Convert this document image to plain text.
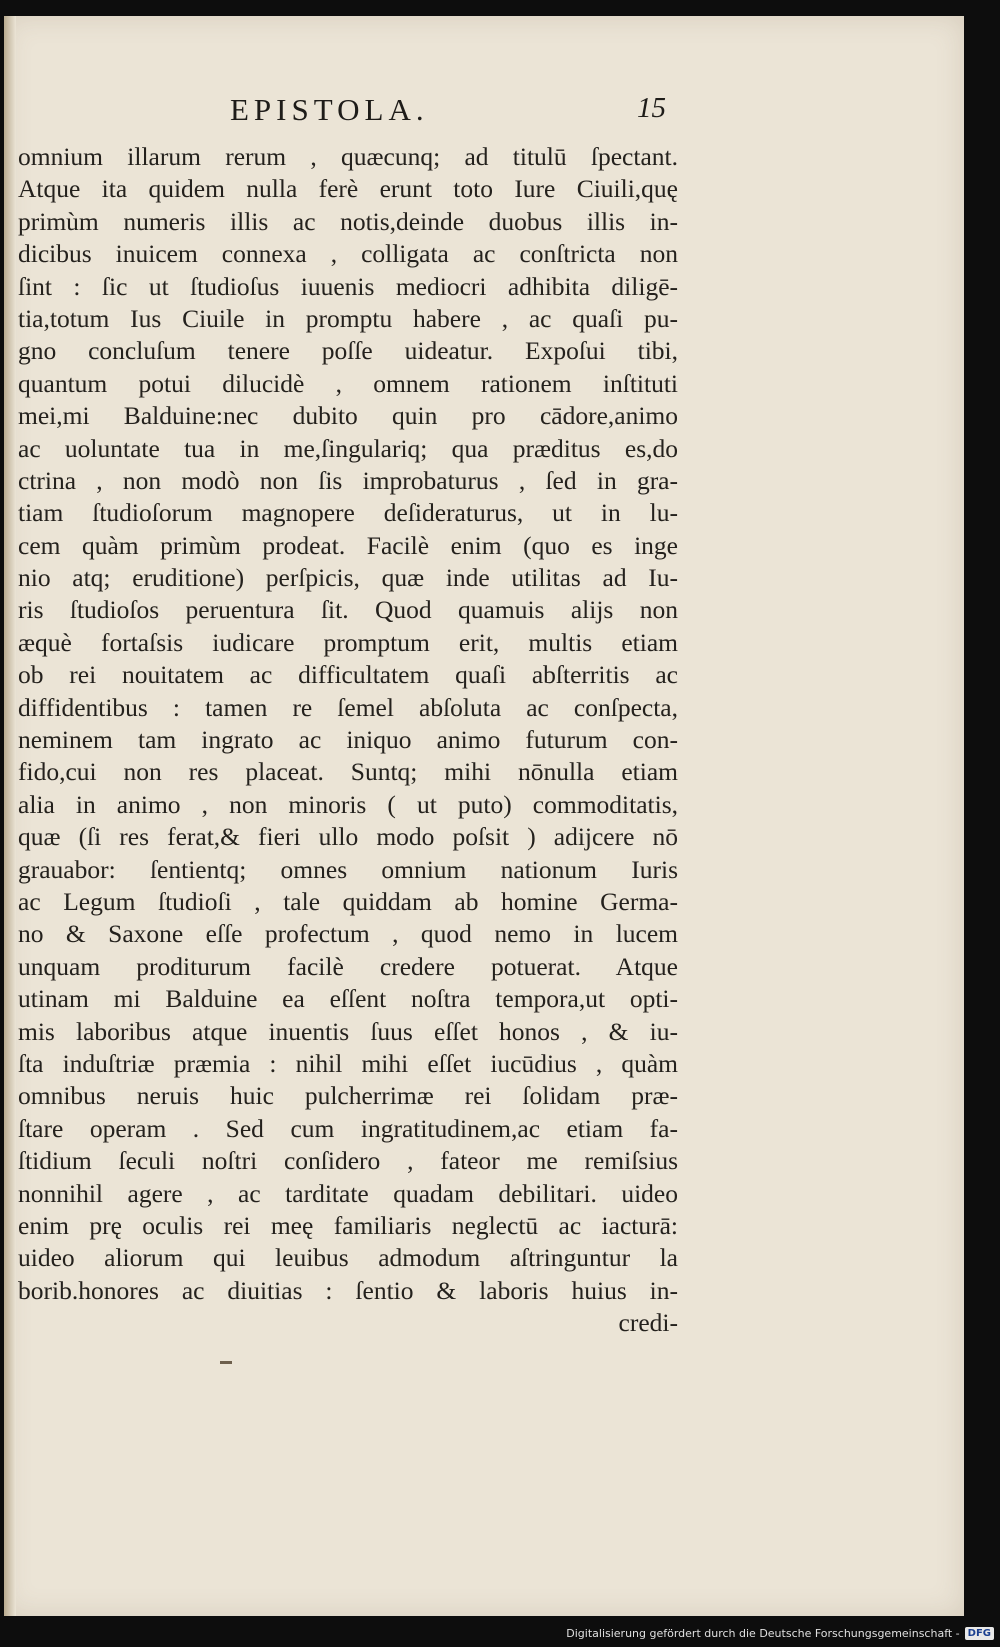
EPISTOLA.	15
omnium illarum rerum , quæcunq; ad titulū ſpectant.
Atque ita quidem nulla ferè erunt toto Iure Ciuili,quę
primùm numeris illis ac notis,deinde duobus illis in-
dicibus inuicem connexa , colligata ac conſtricta non
ſint : ſic ut ſtudioſus iuuenis mediocri adhibita diligē-
tia,totum Ius Ciuile in promptu habere , ac quaſi pu-
gno concluſum tenere poſſe uideatur. Expoſui tibi,
quantum potui dilucidè , omnem rationem inſtituti
mei,mi Balduine:nec dubito quin pro cādore,animo
ac uoluntate tua in me,ſingulariq; qua præditus es,do
ctrina , non modò non ſis improbaturus , ſed in gra-
tiam ſtudioſorum magnopere deſideraturus, ut in lu-
cem quàm primùm prodeat. Facilè enim (quo es inge
nio atq; eruditione) perſpicis, quæ inde utilitas ad Iu-
ris ſtudioſos peruentura ſit. Quod quamuis alijs non
æquè fortaſsis iudicare promptum erit, multis etiam
ob rei nouitatem ac difficultatem quaſi abſterritis ac
diffidentibus : tamen re ſemel abſoluta ac conſpecta,
neminem tam ingrato ac iniquo animo futurum con-
fido,cui non res placeat. Suntq; mihi nōnulla etiam
alia in animo , non minoris ( ut puto) commoditatis,
quæ (ſi res ferat,& fieri ullo modo poſsit ) adijcere nō
grauabor: ſentientq; omnes omnium nationum Iuris
ac Legum ſtudioſi , tale quiddam ab homine Germa-
no & Saxone eſſe profectum , quod nemo in lucem
unquam proditurum facilè credere potuerat. Atque
utinam mi Balduine ea eſſent noſtra tempora,ut opti-
mis laboribus atque inuentis ſuus eſſet honos , & iu-
ſta induſtriæ præmia : nihil mihi eſſet iucūdius , quàm
omnibus neruis huic pulcherrimæ rei ſolidam præ-
ſtare operam . Sed cum ingratitudinem,ac etiam fa-
ſtidium ſeculi noſtri conſidero , fateor me remiſsius
nonnihil agere , ac tarditate quadam debilitari. uideo
enim prę oculis rei meę familiaris neglectū ac iacturā:
uideo aliorum qui leuibus admodum aſtringuntur la
borib.honores ac diuitias : ſentio & laboris huius in-
credi-
Digitalisierung gefördert durch die Deutsche Forschungsgemeinschaft - DFG
